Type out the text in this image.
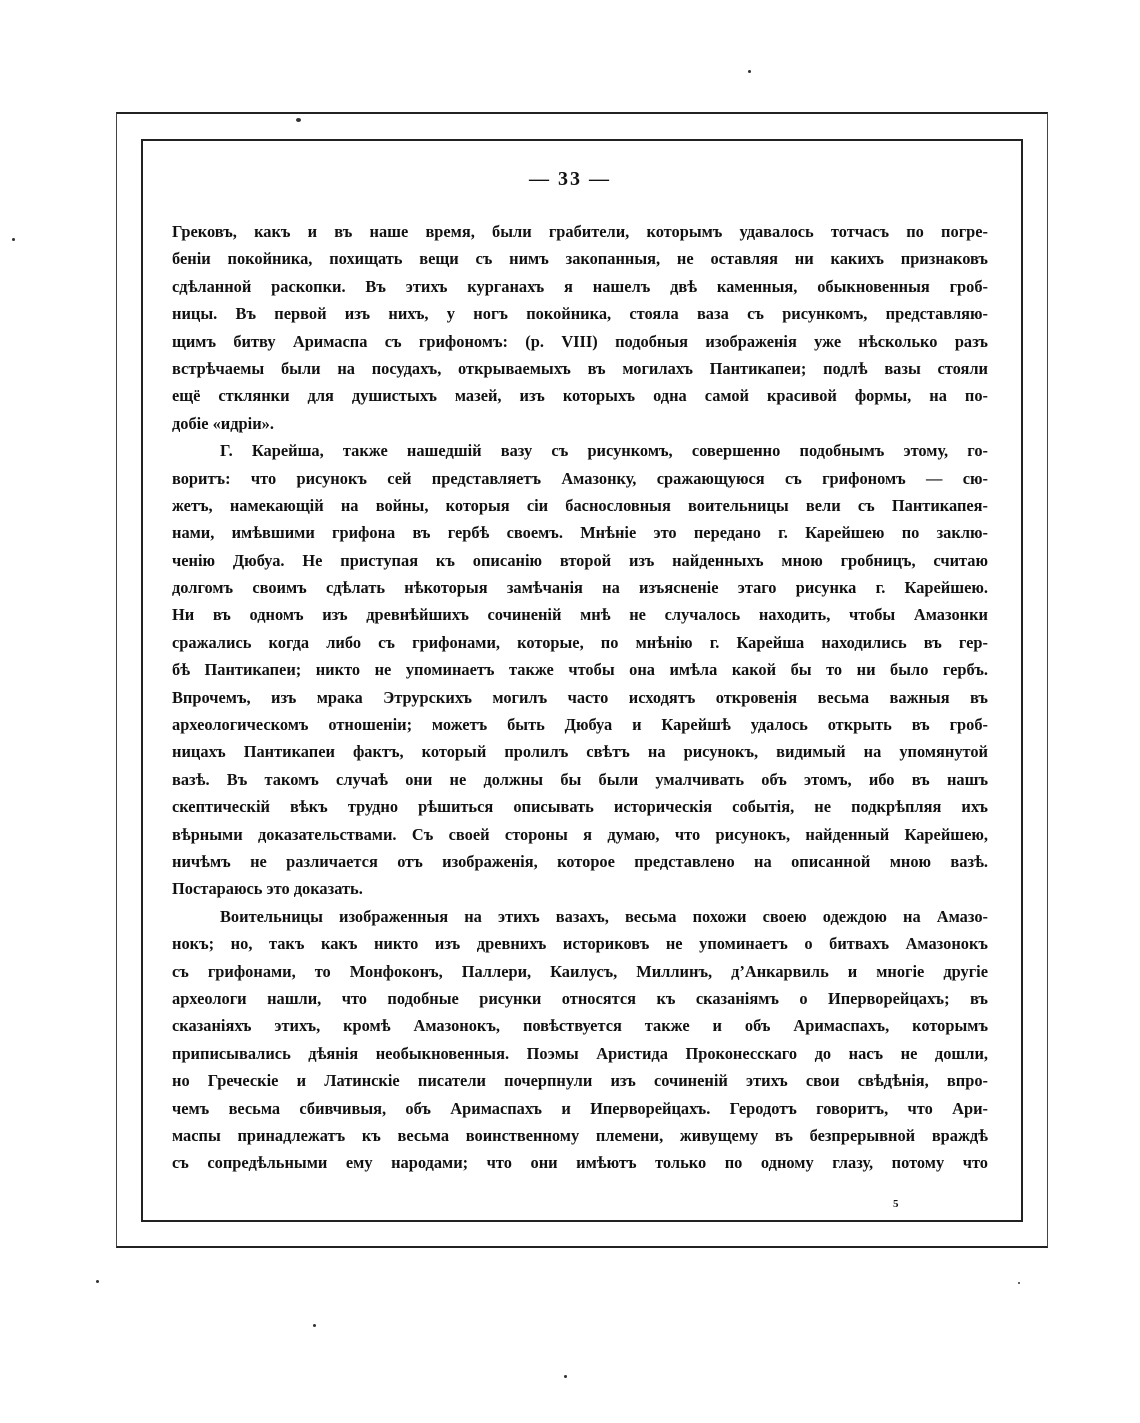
— 33 —
Грековъ, какъ и въ наше время, были грабители, которымъ удавалось тотчасъ по погре-
беніи покойника, похищать вещи съ нимъ закопанныя, не оставляя ни какихъ признаковъ
сдѣланной раскопки. Въ этихъ курганахъ я нашелъ двѣ каменныя, обыкновенныя гроб-
ницы. Въ первой изъ нихъ, у ногъ покойника, стояла ваза съ рисункомъ, представляю-
щимъ битву Аримаспа съ грифономъ: (р. VIII) подобныя изображенія уже нѣсколько разъ
встрѣчаемы были на посудахъ, открываемыхъ въ могилахъ Пантикапеи; подлѣ вазы стояли
ещё стклянки для душистыхъ мазей, изъ которыхъ одна самой красивой формы, на по-
добіе «идріи».
Г. Карейша, также нашедшій вазу съ рисункомъ, совершенно подобнымъ этому, го-
воритъ: что рисунокъ сей представляетъ Амазонку, сражающуюся съ грифономъ — сю-
жетъ, намекающій на войны, которыя сіи баснословныя воительницы вели съ Пантикапея-
нами, имѣвшими грифона въ гербѣ своемъ. Мнѣніе это передано г. Карейшею по заклю-
ченію Дюбуа. Не приступая къ описанію второй изъ найденныхъ мною гробницъ, считаю
долгомъ своимъ сдѣлать нѣкоторыя замѣчанія на изъясненіе этаго рисунка г. Карейшею.
Ни въ одномъ изъ древнѣйшихъ сочиненій мнѣ не случалось находить, чтобы Амазонки
сражались когда либо съ грифонами, которые, по мнѣнію г. Карейша находились въ гер-
бѣ Пантикапеи; никто не упоминаетъ также чтобы она имѣла какой бы то ни было гербъ.
Впрочемъ, изъ мрака Этрурскихъ могилъ часто исходятъ откровенія весьма важныя въ
археологическомъ отношеніи; можетъ быть Дюбуа и Карейшѣ удалось открыть въ гроб-
ницахъ Пантикапеи фактъ, который пролилъ свѣтъ на рисунокъ, видимый на упомянутой
вазѣ. Въ такомъ случаѣ они не должны бы были умалчивать объ этомъ, ибо въ нашъ
скептическій вѣкъ трудно рѣшиться описывать историческія событія, не подкрѣпляя ихъ
вѣрными доказательствами. Съ своей стороны я думаю, что рисунокъ, найденный Карейшею,
ничѣмъ не различается отъ изображенія, которое представлено на описанной мною вазѣ.
Постараюсь это доказать.
Воительницы изображенныя на этихъ вазахъ, весьма похожи своею одеждою на Амазо-
нокъ; но, такъ какъ никто изъ древнихъ историковъ не упоминаетъ о битвахъ Амазонокъ
съ грифонами, то Монфоконъ, Паллери, Каилусъ, Миллинъ, д’Анкарвиль и многіе другіе
археологи нашли, что подобные рисунки относятся къ сказаніямъ о Иперворейцахъ; въ
сказаніяхъ этихъ, кромѣ Амазонокъ, повѣствуется также и объ Аримаспахъ, которымъ
приписывались дѣянія необыкновенныя. Поэмы Аристида Проконесскаго до насъ не дошли,
но Греческіе и Латинскіе писатели почерпнули изъ сочиненій этихъ свои свѣдѣнія, впро-
чемъ весьма сбивчивыя, объ Аримаспахъ и Иперворейцахъ. Геродотъ говоритъ, что Ари-
маспы принадлежатъ къ весьма воинственному племени, живущему въ безпрерывной враждѣ
съ сопредѣльными ему народами; что они имѣютъ только по одному глазу, потому что
5
